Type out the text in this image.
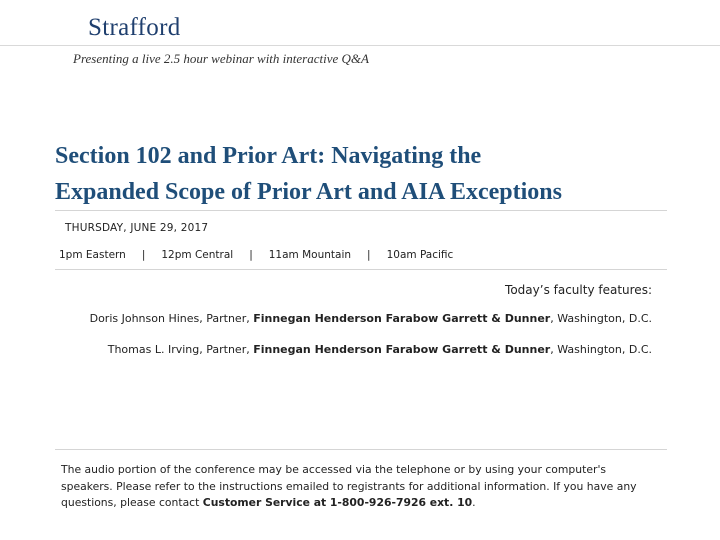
Strafford
Presenting a live 2.5 hour webinar with interactive Q&A
Section 102 and Prior Art: Navigating the
Expanded Scope of Prior Art and AIA Exceptions
THURSDAY, JUNE 29, 2017
1pm Eastern | 12pm Central | 11am Mountain | 10am Pacific
Today’s faculty features:
Doris Johnson Hines, Partner, Finnegan Henderson Farabow Garrett & Dunner, Washington, D.C.
Thomas L. Irving, Partner, Finnegan Henderson Farabow Garrett & Dunner, Washington, D.C.
The audio portion of the conference may be accessed via the telephone or by using your computer's speakers. Please refer to the instructions emailed to registrants for additional information. If you have any questions, please contact Customer Service at 1-800-926-7926 ext. 10.
